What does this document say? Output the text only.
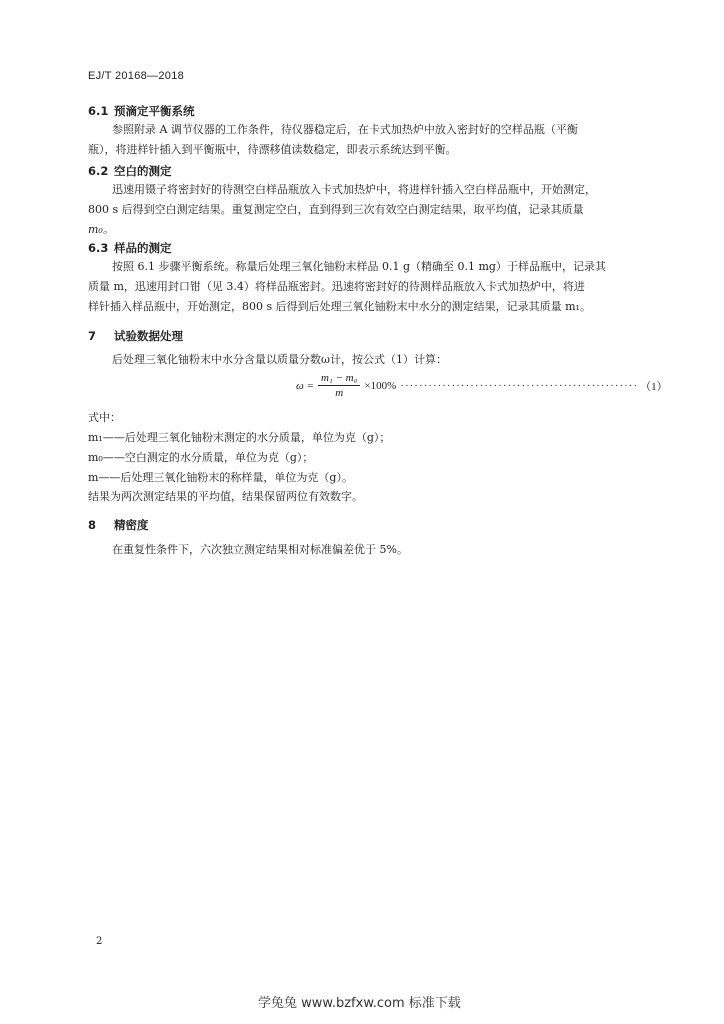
EJ/T 20168—2018
6.1 预滴定平衡系统
参照附录 A 调节仪器的工作条件，待仪器稳定后，在卡式加热炉中放入密封好的空样品瓶（平衡
瓶），将进样针插入到平衡瓶中，待漂移值读数稳定，即表示系统达到平衡。
6.2 空白的测定
迅速用镊子将密封好的待测空白样品瓶放入卡式加热炉中，将进样针插入空白样品瓶中，开始测定，
800 s 后得到空白测定结果。重复测定空白，直到得到三次有效空白测定结果，取平均值，记录其质量
m₀。
6.3 样品的测定
按照 6.1 步骤平衡系统。称量后处理三氧化铀粉末样品 0.1 g（精确至 0.1 mg）于样品瓶中，记录其
质量 m，迅速用封口钳（见 3.4）将样品瓶密封。迅速将密封好的待测样品瓶放入卡式加热炉中，将进
样针插入样品瓶中，开始测定，800 s 后得到后处理三氧化铀粉末中水分的测定结果，记录其质量 m₁。
7 试验数据处理
后处理三氧化铀粉末中水分含量以质量分数ω计，按公式（1）计算：
$\omega = \frac{\text{m₁ − m₀}}{m} \times 100\%$ ··················································· （1）
式中：
m₁——后处理三氧化铀粉末测定的水分质量，单位为克（g）；
m₀——空白测定的水分质量，单位为克（g）；
m——后处理三氧化铀粉末的称样量，单位为克（g）。
结果为两次测定结果的平均值，结果保留两位有效数字。
8 精密度
在重复性条件下，六次独立测定结果相对标准偏差优于 5%。
2
学兔兔 www.bzfxw.com 标准下载
